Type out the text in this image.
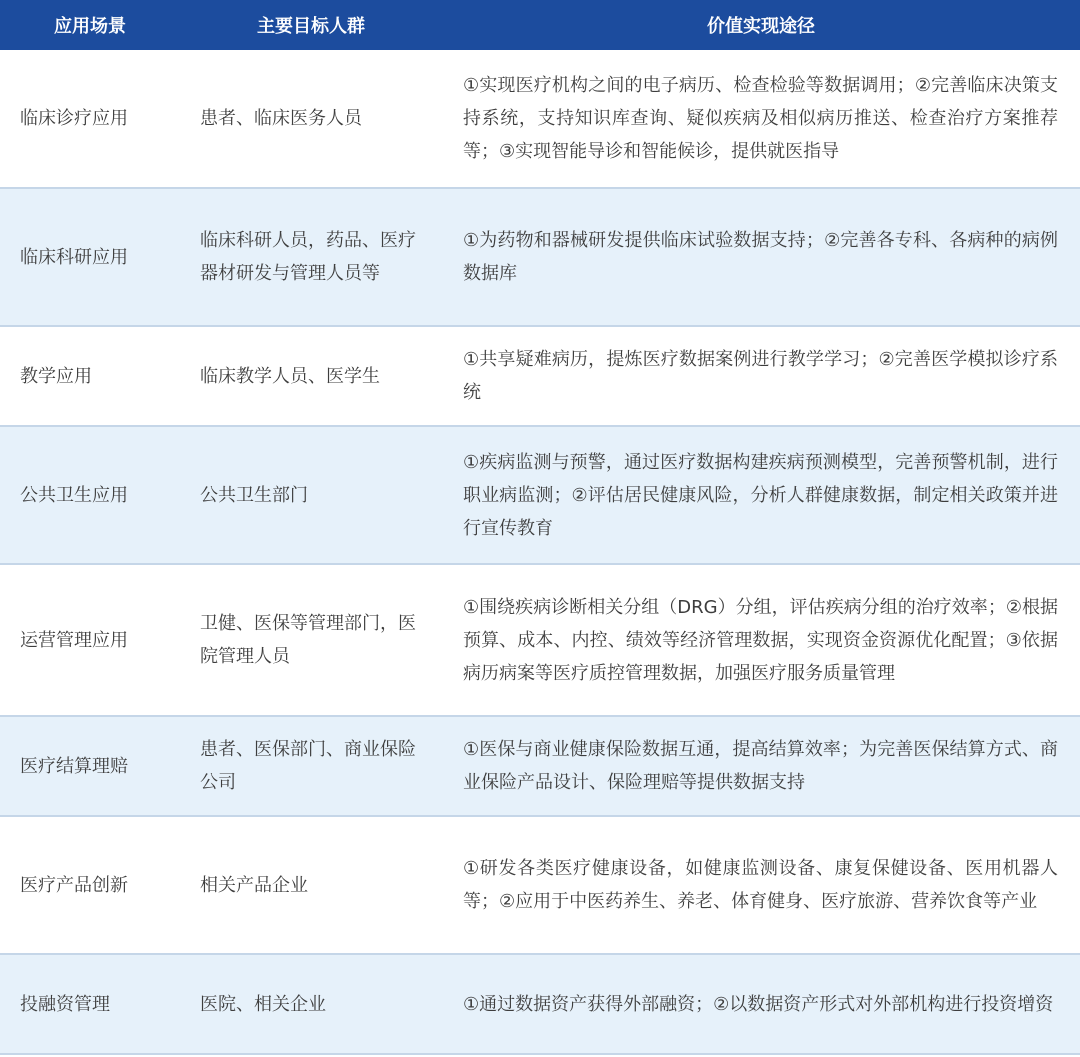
应用场景	主要目标人群	价值实现途径
临床诊疗应用	患者、临床医务人员	①实现医疗机构之间的电子病历、检查检验等数据调用；②完善临床决策支持系统，支持知识库查询、疑似疾病及相似病历推送、检查治疗方案推荐等；③实现智能导诊和智能候诊，提供就医指导
临床科研应用	临床科研人员，药品、医疗器材研发与管理人员等	①为药物和器械研发提供临床试验数据支持；②完善各专科、各病种的病例数据库
教学应用	临床教学人员、医学生	①共享疑难病历，提炼医疗数据案例进行教学学习；②完善医学模拟诊疗系统
公共卫生应用	公共卫生部门	①疾病监测与预警，通过医疗数据构建疾病预测模型，完善预警机制，进行职业病监测；②评估居民健康风险，分析人群健康数据，制定相关政策并进行宣传教育
运营管理应用	卫健、医保等管理部门，医院管理人员	①围绕疾病诊断相关分组（DRG）分组，评估疾病分组的治疗效率；②根据预算、成本、内控、绩效等经济管理数据，实现资金资源优化配置；③依据病历病案等医疗质控管理数据，加强医疗服务质量管理
医疗结算理赔	患者、医保部门、商业保险公司	①医保与商业健康保险数据互通，提高结算效率；为完善医保结算方式、商业保险产品设计、保险理赔等提供数据支持
医疗产品创新	相关产品企业	①研发各类医疗健康设备，如健康监测设备、康复保健设备、医用机器人等；②应用于中医药养生、养老、体育健身、医疗旅游、营养饮食等产业
投融资管理	医院、相关企业	①通过数据资产获得外部融资；②以数据资产形式对外部机构进行投资增资
